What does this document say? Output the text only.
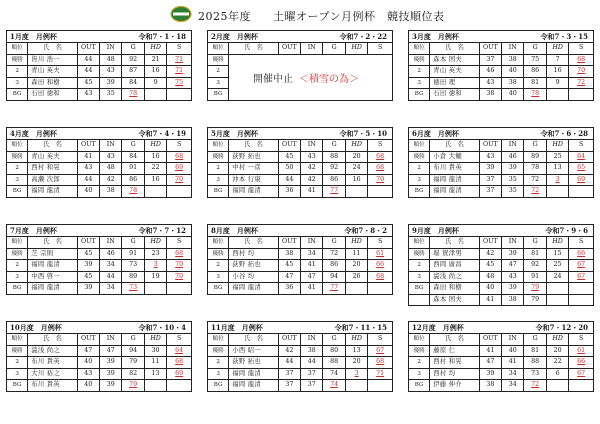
2025年度 土曜オープン月例杯　競技順位表
1月度　月例杯 令和7・1・18						

順位	氏　名	OUT	IN	G	HD	S
優勝	皆川 浩一	44	48	92	21	71
2	青山 英夫	44	43	87	16	71
3	森田 和樹	45	39	84	9	75
BG	石田 徳和	43	35	78		
2月度　月例杯 令和7・2・22						

順位	氏　名	OUT	IN	G	HD	S
優勝						
2						
3						
BG						
開催中止 ＜積雪の為＞
3月度　月例杯 令和7・3・15						

順位	氏　名	OUT	IN	G	HD	S
優勝	森本 国夫	37	38	75	7	68
2	青山 英夫	46	40	86	16	70
3	徳田 理	43	38	81	9	72
BG	石田 徳和	38	40	78		
4月度　月例杯 令和7・4・19						

順位	氏　名	OUT	IN	G	HD	S
優勝	青山 英夫	41	43	84	16	68
2	西村 和晃	43	48	91	22	69
3	高瀬 次郎	44	42	86	16	70
BG	福岡 龍清	40	38	78		
5月度　月例杯 令和7・5・10						

順位	氏　名	OUT	IN	G	HD	S
優勝	荻野 拓也	45	43	88	20	68
2	中村 一彦	50	42	92	24	68
3	沖本 行康	44	42	86	16	70
BG	福岡 龍清	36	41	77		
6月度　月例杯 令和7・6・28						

順位	氏　名	OUT	IN	G	HD	S
優勝	小倉 大輔	43	46	89	25	64
2	布川 貴英	39	39	78	13	65
3	福岡 龍清	37	35	72	3	69
BG	福岡 龍清	37	35	72		
7月度　月例杯 令和7・7・12						

順位	氏　名	OUT	IN	G	HD	S
優勝	芝 宗則	45	46	91	23	68
2	福岡 龍清	39	34	73	3	70
3	中西 啓一	45	44	89	19	70
BG	福岡 龍清	39	34	73		
8月度　月例杯 令和7・8・2						

順位	氏　名	OUT	IN	G	HD	S
優勝	西村 均	38	34	72	11	61
2	荻野 拓也	45	41	86	20	66
3	小谷 均	47	47	94	26	68
BG	福岡 龍清	36	41	77		
9月度　月例杯 令和7・9・6						

順位	氏　名	OUT	IN	G	HD	S
優勝	堀 賀津男	42	39	81	15	66
2	西岡 廣昌	45	47	92	25	67
3	澁浅 尚之	48	43	91	24	67
BG	森田 和樹	40	39	79		
	森本 国夫	41	38	79		
10月度　月例杯 令和7・10・4						

順位	氏　名	OUT	IN	G	HD	S
優勝	澁浅 尚之	47	47	94	30	64
2	布川 貴英	40	39	79	11	68
3	大川 裕之	43	39	82	13	69
BG	布川 貴英	40	39	79		
11月度　月例杯 令和7・11・15						

順位	氏　名	OUT	IN	G	HD	S
優勝	小西 昭一	42	38	80	13	67
2	荻野 拓也	44	44	88	20	68
3	福岡 龍清	37	37	74	3	71
BG	福岡 龍清	37	37	74		
12月度　月例杯 令和7・12・20						

順位	氏　名	OUT	IN	G	HD	S
優勝	藤原 仁	41	40	81	20	61
2	西村 和晃	47	41	88	22	66
3	西村 均	39	34	73	6	67
BG	伊藤 伸介	38	34	72		
